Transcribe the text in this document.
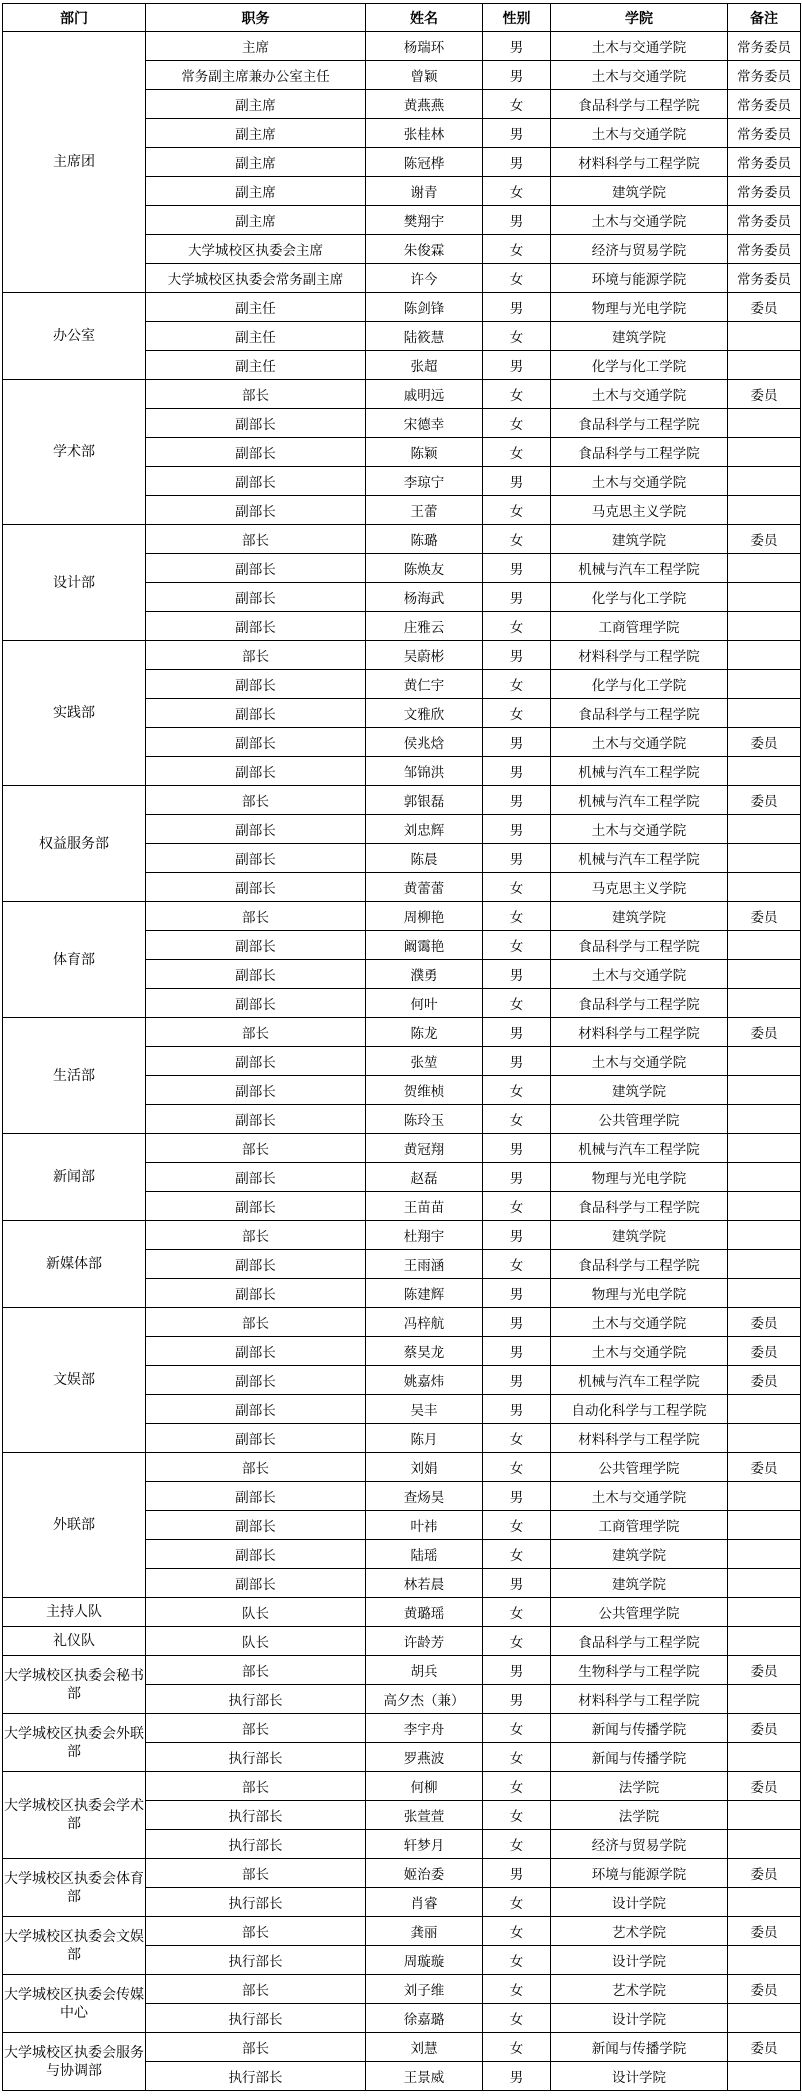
部门	职务	姓名	性别	学院	备注
主席团	主席	杨瑞环	男	土木与交通学院	常务委员
	常务副主席兼办公室主任	曾颖	男	土木与交通学院	常务委员
	副主席	黄燕燕	女	食品科学与工程学院	常务委员
	副主席	张桂林	男	土木与交通学院	常务委员
	副主席	陈冠桦	男	材料科学与工程学院	常务委员
	副主席	谢青	女	建筑学院	常务委员
	副主席	樊翔宇	男	土木与交通学院	常务委员
	大学城校区执委会主席	朱俊霖	女	经济与贸易学院	常务委员
	大学城校区执委会常务副主席	许今	女	环境与能源学院	常务委员
办公室	副主任	陈剑锋	男	物理与光电学院	委员
	副主任	陆筱慧	女	建筑学院	
	副主任	张超	男	化学与化工学院	
学术部	部长	戚明远	女	土木与交通学院	委员
	副部长	宋德幸	女	食品科学与工程学院	
	副部长	陈颖	女	食品科学与工程学院	
	副部长	李琼宁	男	土木与交通学院	
	副部长	王蕾	女	马克思主义学院	
设计部	部长	陈璐	女	建筑学院	委员
	副部长	陈焕友	男	机械与汽车工程学院	
	副部长	杨海武	男	化学与化工学院	
	副部长	庄雅云	女	工商管理学院	
实践部	部长	吴蔚彬	男	材料科学与工程学院	
	副部长	黄仁宇	女	化学与化工学院	
	副部长	文雅欣	女	食品科学与工程学院	
	副部长	侯兆焓	男	土木与交通学院	委员
	副部长	邹锦洪	男	机械与汽车工程学院	
权益服务部	部长	郭银磊	男	机械与汽车工程学院	委员
	副部长	刘忠辉	男	土木与交通学院	
	副部长	陈晨	男	机械与汽车工程学院	
	副部长	黄蕾蕾	女	马克思主义学院	
体育部	部长	周柳艳	女	建筑学院	委员
	副部长	阚霭艳	女	食品科学与工程学院	
	副部长	濮勇	男	土木与交通学院	
	副部长	何叶	女	食品科学与工程学院	
生活部	部长	陈龙	男	材料科学与工程学院	委员
	副部长	张堃	男	土木与交通学院	
	副部长	贺维桢	女	建筑学院	
	副部长	陈玲玉	女	公共管理学院	
新闻部	部长	黄冠翔	男	机械与汽车工程学院	
	副部长	赵磊	男	物理与光电学院	
	副部长	王苗苗	女	食品科学与工程学院	
新媒体部	部长	杜翔宇	男	建筑学院	
	副部长	王雨涵	女	食品科学与工程学院	
	副部长	陈建辉	男	物理与光电学院	
文娱部	部长	冯梓航	男	土木与交通学院	委员
	副部长	蔡昊龙	男	土木与交通学院	委员
	副部长	姚嘉炜	男	机械与汽车工程学院	委员
	副部长	吴丰	男	自动化科学与工程学院	
	副部长	陈月	女	材料科学与工程学院	
外联部	部长	刘娟	女	公共管理学院	委员
	副部长	查炀昊	男	土木与交通学院	
	副部长	叶祎	女	工商管理学院	
	副部长	陆瑶	女	建筑学院	
	副部长	林若晨	男	建筑学院	
主持人队	队长	黄璐瑶	女	公共管理学院	
礼仪队	队长	许龄芳	女	食品科学与工程学院	
大学城校区执委会秘书部	部长	胡兵	男	生物科学与工程学院	委员
	执行部长	高夕杰（兼）	男	材料科学与工程学院	
大学城校区执委会外联部	部长	李宇舟	女	新闻与传播学院	委员
	执行部长	罗燕波	女	新闻与传播学院	
大学城校区执委会学术部	部长	何柳	女	法学院	委员
	执行部长	张萱萱	女	法学院	
	执行部长	轩梦月	女	经济与贸易学院	
大学城校区执委会体育部	部长	姬治委	男	环境与能源学院	委员
	执行部长	肖睿	女	设计学院	
大学城校区执委会文娱部	部长	龚丽	女	艺术学院	委员
	执行部长	周璇璇	女	设计学院	
大学城校区执委会传媒中心	部长	刘子维	女	艺术学院	委员
	执行部长	徐嘉璐	女	设计学院	
大学城校区执委会服务与协调部	部长	刘慧	女	新闻与传播学院	委员
	执行部长	王景威	男	设计学院	
